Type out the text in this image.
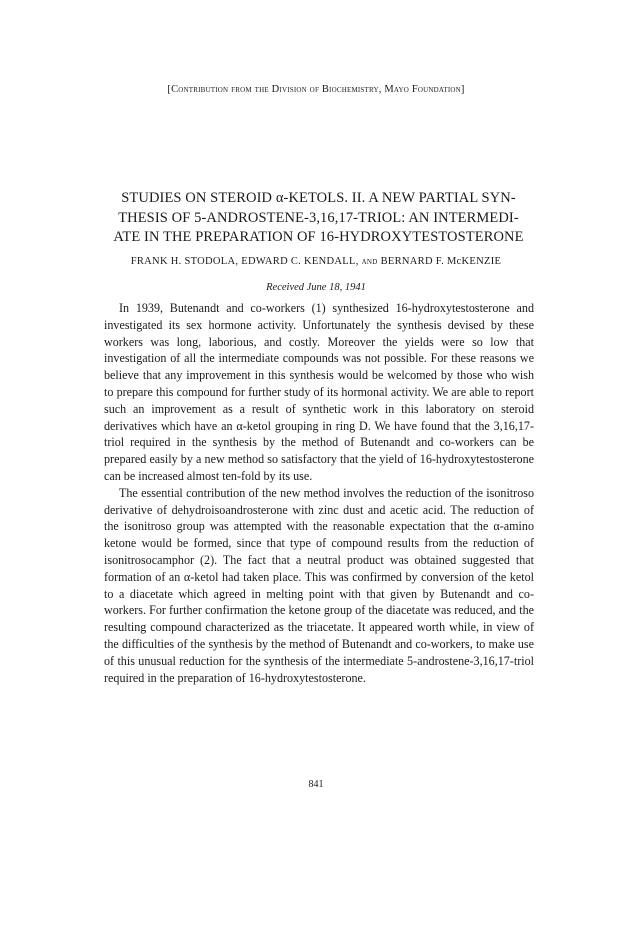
[Contribution from the Division of Biochemistry, Mayo Foundation]
STUDIES ON STEROID α-KETOLS. II. A NEW PARTIAL SYN-
THESIS OF 5-ANDROSTENE-3,16,17-TRIOL: AN INTERMEDI-
ATE IN THE PREPARATION OF 16-HYDROXYTESTOSTERONE
FRANK H. STODOLA, EDWARD C. KENDALL, and BERNARD F. McKENZIE
Received June 18, 1941

In 1939, Butenandt and co-workers (1) synthesized 16-hydroxytestosterone and investigated its sex hormone activity. Unfortunately the synthesis devised by these workers was long, laborious, and costly. Moreover the yields were so low that investigation of all the intermediate compounds was not possible. For these reasons we believe that any improvement in this synthesis would be welcomed by those who wish to prepare this compound for further study of its hormonal activity. We are able to report such an improvement as a result of synthetic work in this laboratory on steroid derivatives which have an α-ketol grouping in ring D. We have found that the 3,16,17-triol required in the synthesis by the method of Butenandt and co-workers can be prepared easily by a new method so satisfactory that the yield of 16-hydroxytestosterone can be increased almost ten-fold by its use.

The essential contribution of the new method involves the reduction of the isonitroso derivative of dehydroisoandrosterone with zinc dust and acetic acid. The reduction of the isonitroso group was attempted with the reasonable expectation that the α-amino ketone would be formed, since that type of compound results from the reduction of isonitrosocamphor (2). The fact that a neutral product was obtained suggested that formation of an α-ketol had taken place. This was confirmed by conversion of the ketol to a diacetate which agreed in melting point with that given by Butenandt and co-workers. For further confirmation the ketone group of the diacetate was reduced, and the resulting compound characterized as the triacetate. It appeared worth while, in view of the difficulties of the synthesis by the method of Butenandt and co-workers, to make use of this unusual reduction for the synthesis of the intermediate 5-androstene-3,16,17-triol required in the preparation of 16-hydroxytestosterone.

841
